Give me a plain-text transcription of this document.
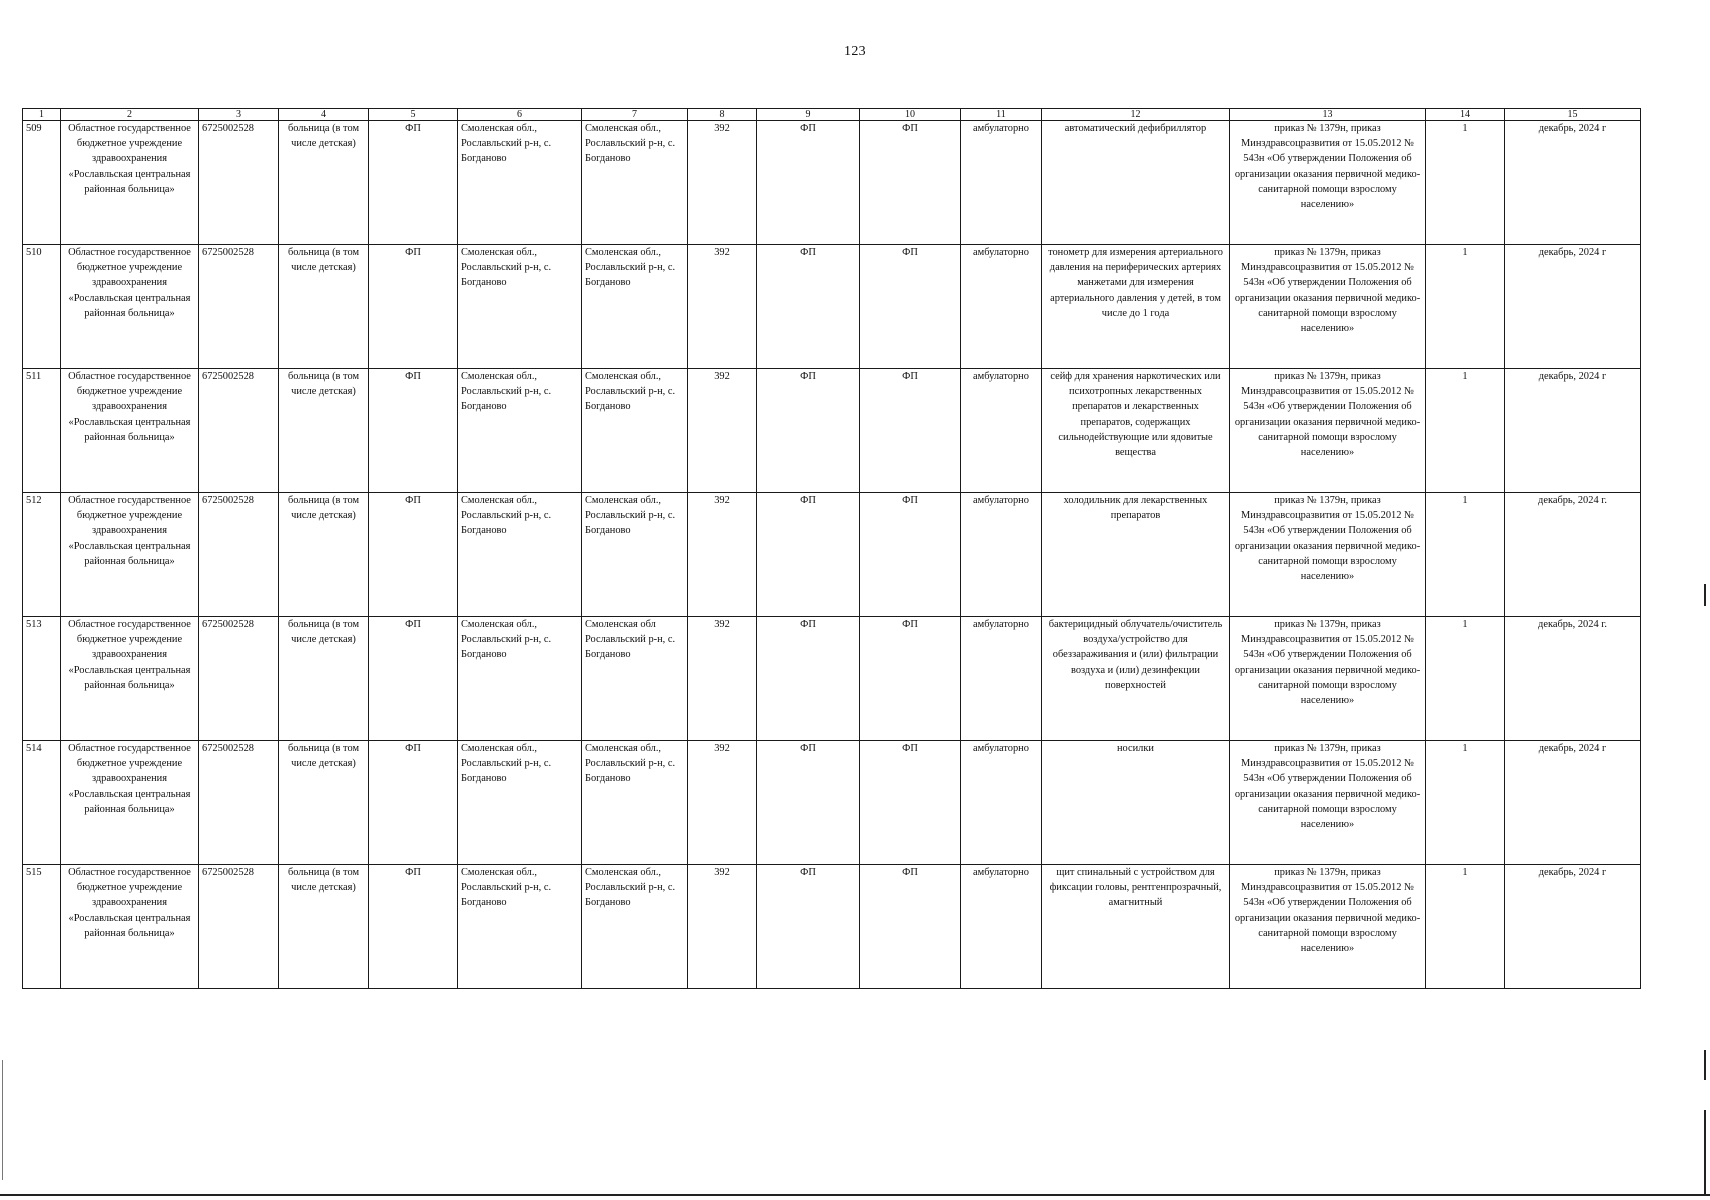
123
1	2	3	4	5	6	7	8	9	10	11	12	13	14	15
509	Областное государственное бюджетное учреждение здравоохранения «Рославльская центральная районная больница»	6725002528	больница (в том числе детская)	ФП	Смоленская обл., Рославльский р-н, с. Богданово	Смоленская обл., Рославльский р-н, с. Богданово	392	ФП	ФП	амбулаторно	автоматический дефибриллятор	приказ № 1379н, приказ Минздравсоцразвития от 15.05.2012 № 543н «Об утверждении Положения об организации оказания первичной медико-санитарной помощи взрослому населению»	1	декабрь, 2024 г
510	Областное государственное бюджетное учреждение здравоохранения «Рославльская центральная районная больница»	6725002528	больница (в том числе детская)	ФП	Смоленская обл., Рославльский р-н, с. Богданово	Смоленская обл., Рославльский р-н, с. Богданово	392	ФП	ФП	амбулаторно	тонометр для измерения артериального давления на периферических артериях манжетами для измерения артериального давления у детей, в том числе до 1 года	приказ № 1379н, приказ Минздравсоцразвития от 15.05.2012 № 543н «Об утверждении Положения об организации оказания первичной медико-санитарной помощи взрослому населению»	1	декабрь, 2024 г
511	Областное государственное бюджетное учреждение здравоохранения «Рославльская центральная районная больница»	6725002528	больница (в том числе детская)	ФП	Смоленская обл., Рославльский р-н, с. Богданово	Смоленская обл., Рославльский р-н, с. Богданово	392	ФП	ФП	амбулаторно	сейф для хранения наркотических или психотропных лекарственных препаратов и лекарственных препаратов, содержащих сильнодействующие или ядовитые вещества	приказ № 1379н, приказ Минздравсоцразвития от 15.05.2012 № 543н «Об утверждении Положения об организации оказания первичной медико-санитарной помощи взрослому населению»	1	декабрь, 2024 г
512	Областное государственное бюджетное учреждение здравоохранения «Рославльская центральная районная больница»	6725002528	больница (в том числе детская)	ФП	Смоленская обл., Рославльский р-н, с. Богданово	Смоленская обл., Рославльский р-н, с. Богданово	392	ФП	ФП	амбулаторно	холодильник для лекарственных препаратов	приказ № 1379н, приказ Минздравсоцразвития от 15.05.2012 № 543н «Об утверждении Положения об организации оказания первичной медико-санитарной помощи взрослому населению»	1	декабрь, 2024 г.
513	Областное государственное бюджетное учреждение здравоохранения «Рославльская центральная районная больница»	6725002528	больница (в том числе детская)	ФП	Смоленская обл., Рославльский р-н, с. Богданово	Смоленская обл Рославльский р-н, с. Богданово	392	ФП	ФП	амбулаторно	бактерицидный облучатель/очиститель воздуха/устройство для обеззараживания и (или) фильтрации воздуха и (или) дезинфекции поверхностей	приказ № 1379н, приказ Минздравсоцразвития от 15.05.2012 № 543н «Об утверждении Положения об организации оказания первичной медико-санитарной помощи взрослому населению»	1	декабрь, 2024 г.
514	Областное государственное бюджетное учреждение здравоохранения «Рославльская центральная районная больница»	6725002528	больница (в том числе детская)	ФП	Смоленская обл., Рославльский р-н, с. Богданово	Смоленская обл., Рославльский р-н, с. Богданово	392	ФП	ФП	амбулаторно	носилки	приказ № 1379н, приказ Минздравсоцразвития от 15.05.2012 № 543н «Об утверждении Положения об организации оказания первичной медико-санитарной помощи взрослому населению»	1	декабрь, 2024 г
515	Областное государственное бюджетное учреждение здравоохранения «Рославльская центральная районная больница»	6725002528	больница (в том числе детская)	ФП	Смоленская обл., Рославльский р-н, с. Богданово	Смоленская обл., Рославльский р-н, с. Богданово	392	ФП	ФП	амбулаторно	щит спинальный с устройством для фиксации головы, рентгенпрозрачный, амагнитный	приказ № 1379н, приказ Минздравсоцразвития от 15.05.2012 № 543н «Об утверждении Положения об организации оказания первичной медико-санитарной помощи взрослому населению»	1	декабрь, 2024 г
